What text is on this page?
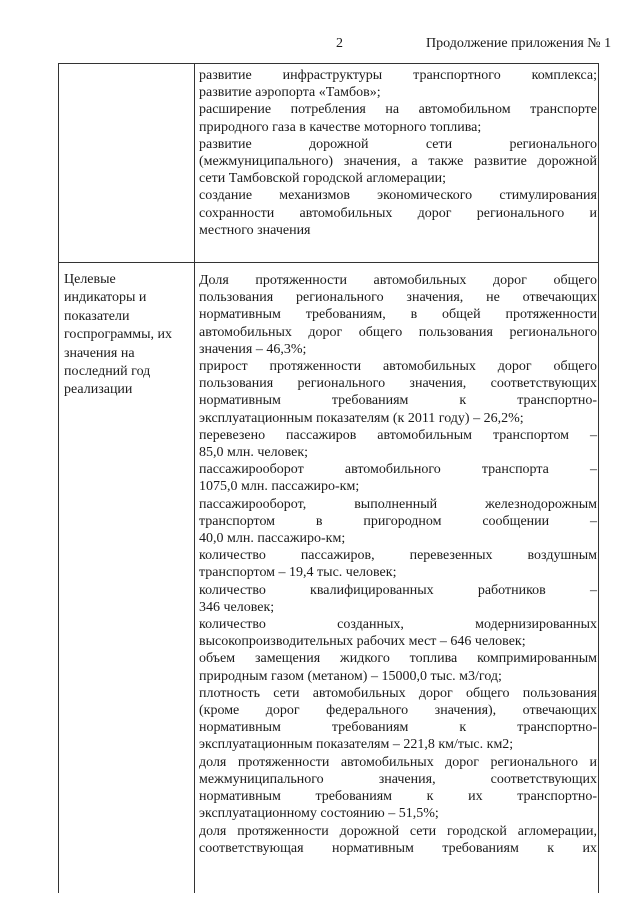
2	Продолжение приложения № 1
развитие инфраструктуры транспортного комплекса;
развитие аэропорта «Тамбов»;
расширение потребления на автомобильном транспорте
природного газа в качестве моторного топлива;
развитие дорожной сети регионального
(межмуниципального) значения, а также развитие дорожной
сети Тамбовской городской агломерации;
создание механизмов экономического стимулирования
сохранности автомобильных дорог регионального и
местного значения

Целевые

индикаторы и

показатели

госпрограммы, их

значения на

последний год

реализации

Доля протяженности автомобильных дорог общего
пользования регионального значения, не отвечающих
нормативным требованиям, в общей протяженности
автомобильных дорог общего пользования регионального
значения – 46,3%;
прирост протяженности автомобильных дорог общего
пользования регионального значения, соответствующих
нормативным требованиям к транспортно-
эксплуатационным показателям (к 2011 году) – 26,2%;
перевезено пассажиров автомобильным транспортом –
85,0 млн. человек;
пассажирооборот автомобильного транспорта –
1075,0 млн. пассажиро-км;
пассажирооборот, выполненный железнодорожным
транспортом в пригородном сообщении –
40,0 млн. пассажиро-км;
количество пассажиров, перевезенных воздушным
транспортом – 19,4 тыс. человек;
количество квалифицированных работников –
346 человек;
количество созданных, модернизированных
высокопроизводительных рабочих мест – 646 человек;
объем замещения жидкого топлива компримированным
природным газом (метаном) – 15000,0 тыс. м3/год;
плотность сети автомобильных дорог общего пользования
(кроме дорог федерального значения), отвечающих
нормативным требованиям к транспортно-
эксплуатационным показателям – 221,8 км/тыс. км2;
доля протяженности автомобильных дорог регионального и
межмуниципального значения, соответствующих
нормативным требованиям к их транспортно-
эксплуатационному состоянию – 51,5%;
доля протяженности дорожной сети городской агломерации,
соответствующая нормативным требованиям к их
